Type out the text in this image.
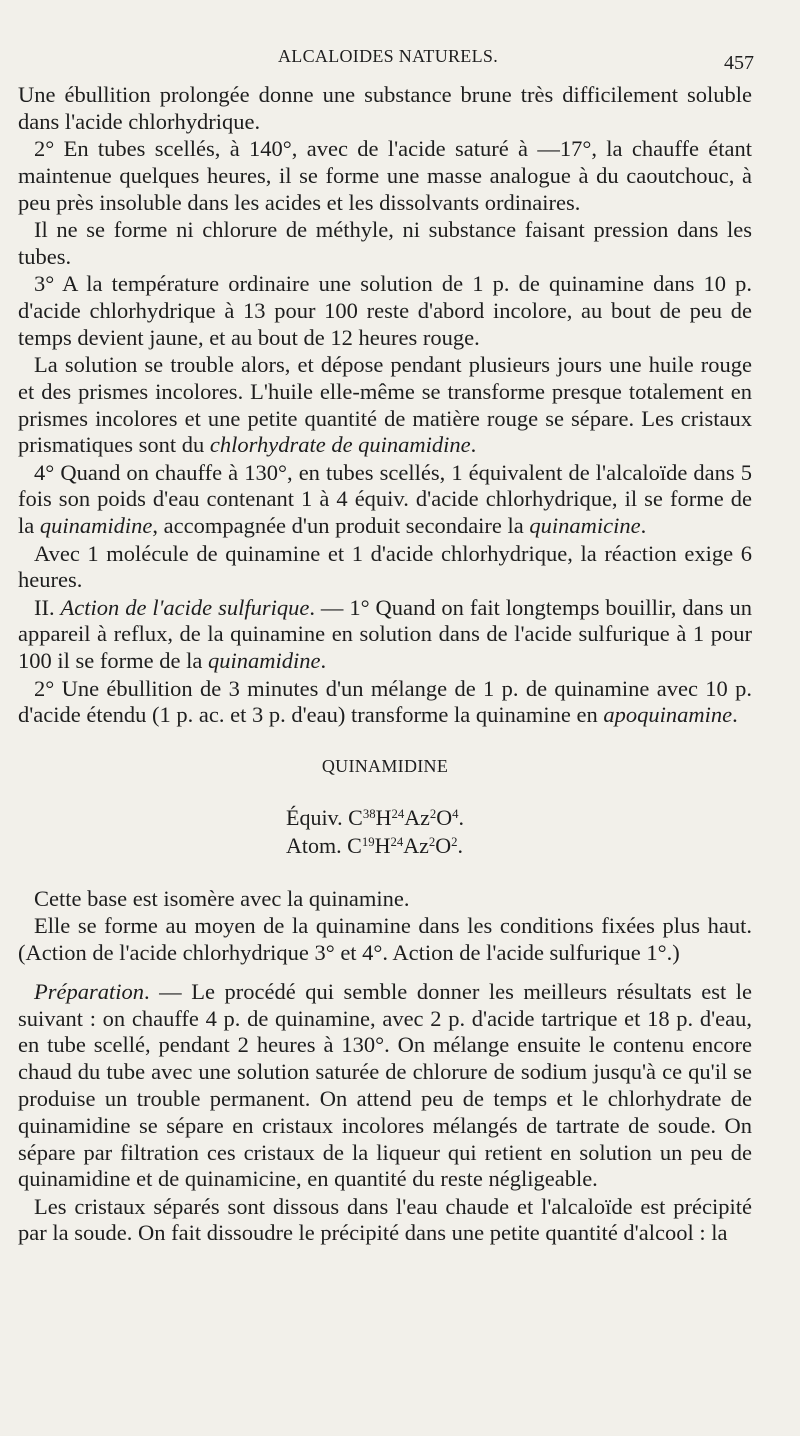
ALCALOIDES NATURELS.	457

Une ébullition prolongée donne une substance brune très difficilement soluble dans l'acide chlorhydrique.

2° En tubes scellés, à 140°, avec de l'acide saturé à —17°, la chauffe étant maintenue quelques heures, il se forme une masse analogue à du caoutchouc, à peu près insoluble dans les acides et les dissolvants ordinaires.

Il ne se forme ni chlorure de méthyle, ni substance faisant pression dans les tubes.

3° A la température ordinaire une solution de 1 p. de quinamine dans 10 p. d'acide chlorhydrique à 13 pour 100 reste d'abord incolore, au bout de peu de temps devient jaune, et au bout de 12 heures rouge.

La solution se trouble alors, et dépose pendant plusieurs jours une huile rouge et des prismes incolores. L'huile elle-même se transforme presque totalement en prismes incolores et une petite quantité de matière rouge se sépare. Les cristaux prismatiques sont du chlorhydrate de quinamidine.

4° Quand on chauffe à 130°, en tubes scellés, 1 équivalent de l'alcaloïde dans 5 fois son poids d'eau contenant 1 à 4 équiv. d'acide chlorhydrique, il se forme de la quinamidine, accompagnée d'un produit secondaire la quinamicine.

Avec 1 molécule de quinamine et 1 d'acide chlorhydrique, la réaction exige 6 heures.

II. Action de l'acide sulfurique. — 1° Quand on fait longtemps bouillir, dans un appareil à reflux, de la quinamine en solution dans de l'acide sulfurique à 1 pour 100 il se forme de la quinamidine.

2° Une ébullition de 3 minutes d'un mélange de 1 p. de quinamine avec 10 p. d'acide étendu (1 p. ac. et 3 p. d'eau) transforme la quinamine en apoquinamine.

QUINAMIDINE

Équiv. $C^{38}H^{24}Az^2O^4$.
Atom. $C^{19}H^{24}Az^2O^2$.

Cette base est isomère avec la quinamine.

Elle se forme au moyen de la quinamine dans les conditions fixées plus haut. (Action de l'acide chlorhydrique 3° et 4°. Action de l'acide sulfurique 1°.)

Préparation. — Le procédé qui semble donner les meilleurs résultats est le suivant : on chauffe 4 p. de quinamine, avec 2 p. d'acide tartrique et 18 p. d'eau, en tube scellé, pendant 2 heures à 130°. On mélange ensuite le contenu encore chaud du tube avec une solution saturée de chlorure de sodium jusqu'à ce qu'il se produise un trouble permanent. On attend peu de temps et le chlorhydrate de quinamidine se sépare en cristaux incolores mélangés de tartrate de soude. On sépare par filtration ces cristaux de la liqueur qui retient en solution un peu de quinamidine et de quinamicine, en quantité du reste négligeable.

Les cristaux séparés sont dissous dans l'eau chaude et l'alcaloïde est précipité par la soude. On fait dissoudre le précipité dans une petite quantité d'alcool : la
